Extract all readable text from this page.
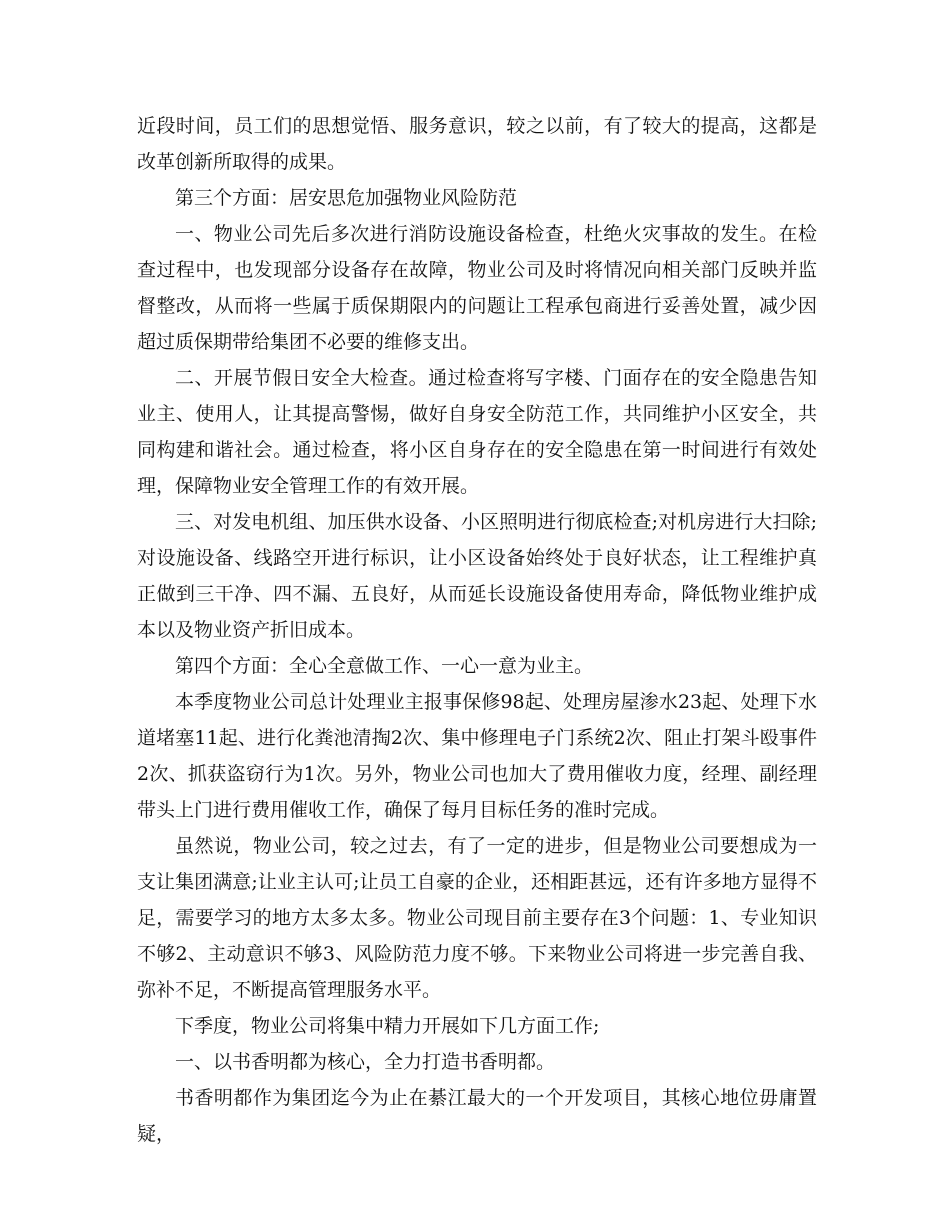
近段时间，员工们的思想觉悟、服务意识，较之以前，有了较大的提高，这都是改革创新所取得的成果。

第三个方面：居安思危加强物业风险防范

一、物业公司先后多次进行消防设施设备检查，杜绝火灾事故的发生。在检查过程中，也发现部分设备存在故障，物业公司及时将情况向相关部门反映并监督整改，从而将一些属于质保期限内的问题让工程承包商进行妥善处置，减少因超过质保期带给集团不必要的维修支出。

二、开展节假日安全大检查。通过检查将写字楼、门面存在的安全隐患告知业主、使用人，让其提高警惕，做好自身安全防范工作，共同维护小区安全，共同构建和谐社会。通过检查，将小区自身存在的安全隐患在第一时间进行有效处理，保障物业安全管理工作的有效开展。

三、对发电机组、加压供水设备、小区照明进行彻底检查;对机房进行大扫除;对设施设备、线路空开进行标识，让小区设备始终处于良好状态，让工程维护真正做到三干净、四不漏、五良好，从而延长设施设备使用寿命，降低物业维护成本以及物业资产折旧成本。

第四个方面：全心全意做工作、一心一意为业主。

本季度物业公司总计处理业主报事保修98起、处理房屋渗水23起、处理下水道堵塞11起、进行化粪池清掏2次、集中修理电子门系统2次、阻止打架斗殴事件2次、抓获盗窃行为1次。另外，物业公司也加大了费用催收力度，经理、副经理带头上门进行费用催收工作，确保了每月目标任务的准时完成。

虽然说，物业公司，较之过去，有了一定的进步，但是物业公司要想成为一支让集团满意;让业主认可;让员工自豪的企业，还相距甚远，还有许多地方显得不足，需要学习的地方太多太多。物业公司现目前主要存在3个问题：1、专业知识不够2、主动意识不够3、风险防范力度不够。下来物业公司将进一步完善自我、弥补不足，不断提高管理服务水平。

下季度，物业公司将集中精力开展如下几方面工作;

一、以书香明都为核心，全力打造书香明都。

书香明都作为集团迄今为止在綦江最大的一个开发项目，其核心地位毋庸置疑，
